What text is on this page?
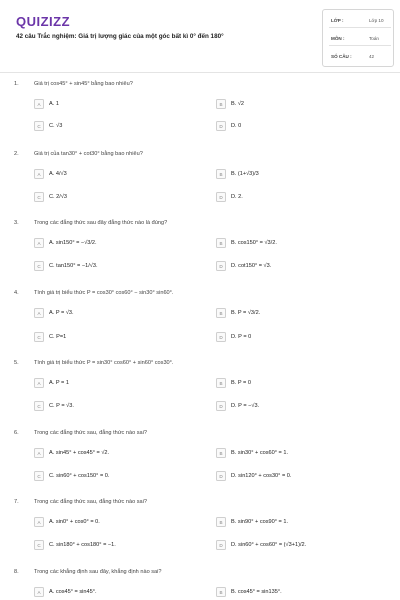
QUIZIZZ
42 câu Trắc nghiệm: Giá trị lượng giác của một góc bất kì 0° đến 180°
LỚP :	Lớp 10
MÔN :	Toán
SỐ CÂU :	42
1.	Giá trị cos45° + sin45° bằng bao nhiêu?
A	A. 1	B	B. √2
C	C. √3	D	D. 0
2.	Giá trị của tan30° + cot30° bằng bao nhiêu?
A	A. 4/√3	B	B. (1+√3)/3
C	C. 2/√3	D	D. 2.
3.	Trong các đẳng thức sau đây đẳng thức nào là đúng?
A	A. sin150° = −√3/2.	B	B. cos150° = √3/2.
C	C. tan150° = −1/√3.	D	D. cot150° = √3.
4.	Tính giá trị biểu thức P = cos30° cos60° − sin30° sin60°.
A	A. P = √3.	B	B. P = √3/2.
C	C. P=1	D	D. P = 0
5.	Tính giá trị biểu thức P = sin30° cos60° + sin60° cos30°.
A	A. P = 1	B	B. P = 0
C	C. P = √3.	D	D. P = −√3.
6.	Trong các đẳng thức sau, đẳng thức nào sai?
A	A. sin45° + cos45° = √2.	B	B. sin30° + cos60° = 1.
C	C. sin60° + cos150° = 0.	D	D. sin120° + cos30° = 0.
7.	Trong các đẳng thức sau, đẳng thức nào sai?
A	A. sin0° + cos0° = 0.	B	B. sin90° + cos90° = 1.
C	C. sin180° + cos180° = −1.	D	D. sin60° + cos60° = (√3+1)/2.
8.	Trong các khẳng định sau đây, khẳng định nào sai?
A	A. cos45° = sin45°.	B	B. cos45° = sin135°.
